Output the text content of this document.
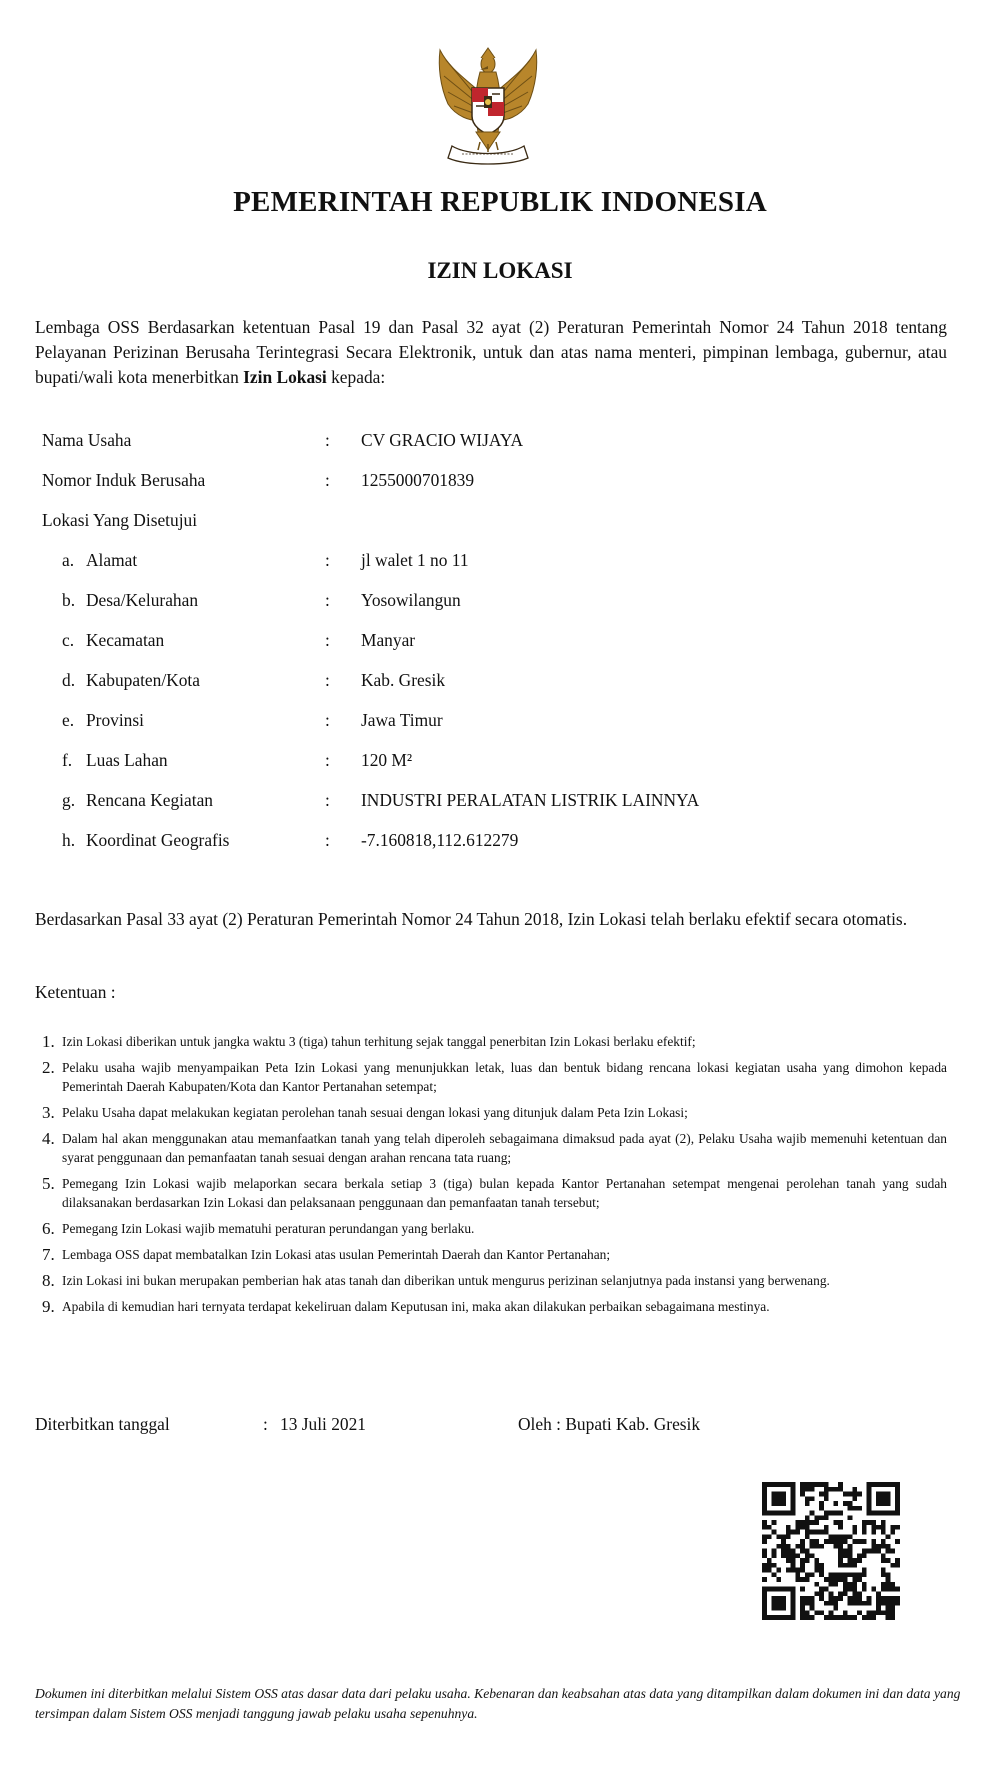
PEMERINTAH REPUBLIK INDONESIA
IZIN LOKASI
Lembaga OSS Berdasarkan ketentuan Pasal 19 dan Pasal 32 ayat (2) Peraturan Pemerintah Nomor 24 Tahun 2018 tentang Pelayanan Perizinan Berusaha Terintegrasi Secara Elektronik, untuk dan atas nama menteri, pimpinan lembaga, gubernur, atau bupati/wali kota menerbitkan Izin Lokasi kepada:
Nama Usaha	: CV GRACIO WIJAYA
Nomor Induk Berusaha	: 1255000701839
Lokasi Yang Disetujui
a. Alamat	: jl walet 1 no 11
b. Desa/Kelurahan	: Yosowilangun
c. Kecamatan	: Manyar
d. Kabupaten/Kota	: Kab. Gresik
e. Provinsi	: Jawa Timur
f. Luas Lahan	: 120 M²
g. Rencana Kegiatan	: INDUSTRI PERALATAN LISTRIK LAINNYA
h. Koordinat Geografis	: -7.160818,112.612279
Berdasarkan Pasal 33 ayat (2) Peraturan Pemerintah Nomor 24 Tahun 2018, Izin Lokasi telah berlaku efektif secara otomatis.
Ketentuan :
1. Izin Lokasi diberikan untuk jangka waktu 3 (tiga) tahun terhitung sejak tanggal penerbitan Izin Lokasi berlaku efektif;
2. Pelaku usaha wajib menyampaikan Peta Izin Lokasi yang menunjukkan letak, luas dan bentuk bidang rencana lokasi kegiatan usaha yang dimohon kepada Pemerintah Daerah Kabupaten/Kota dan Kantor Pertanahan setempat;
3. Pelaku Usaha dapat melakukan kegiatan perolehan tanah sesuai dengan lokasi yang ditunjuk dalam Peta Izin Lokasi;
4. Dalam hal akan menggunakan atau memanfaatkan tanah yang telah diperoleh sebagaimana dimaksud pada ayat (2), Pelaku Usaha wajib memenuhi ketentuan dan syarat penggunaan dan pemanfaatan tanah sesuai dengan arahan rencana tata ruang;
5. Pemegang Izin Lokasi wajib melaporkan secara berkala setiap 3 (tiga) bulan kepada Kantor Pertanahan setempat mengenai perolehan tanah yang sudah dilaksanakan berdasarkan Izin Lokasi dan pelaksanaan penggunaan dan pemanfaatan tanah tersebut;
6. Pemegang Izin Lokasi wajib mematuhi peraturan perundangan yang berlaku.
7. Lembaga OSS dapat membatalkan Izin Lokasi atas usulan Pemerintah Daerah dan Kantor Pertanahan;
8. Izin Lokasi ini bukan merupakan pemberian hak atas tanah dan diberikan untuk mengurus perizinan selanjutnya pada instansi yang berwenang.
9. Apabila di kemudian hari ternyata terdapat kekeliruan dalam Keputusan ini, maka akan dilakukan perbaikan sebagaimana mestinya.
Diterbitkan tanggal	: 13 Juli 2021	Oleh : Bupati Kab. Gresik
Dokumen ini diterbitkan melalui Sistem OSS atas dasar data dari pelaku usaha. Kebenaran dan keabsahan atas data yang ditampilkan dalam dokumen ini dan data yang tersimpan dalam Sistem OSS menjadi tanggung jawab pelaku usaha sepenuhnya.
